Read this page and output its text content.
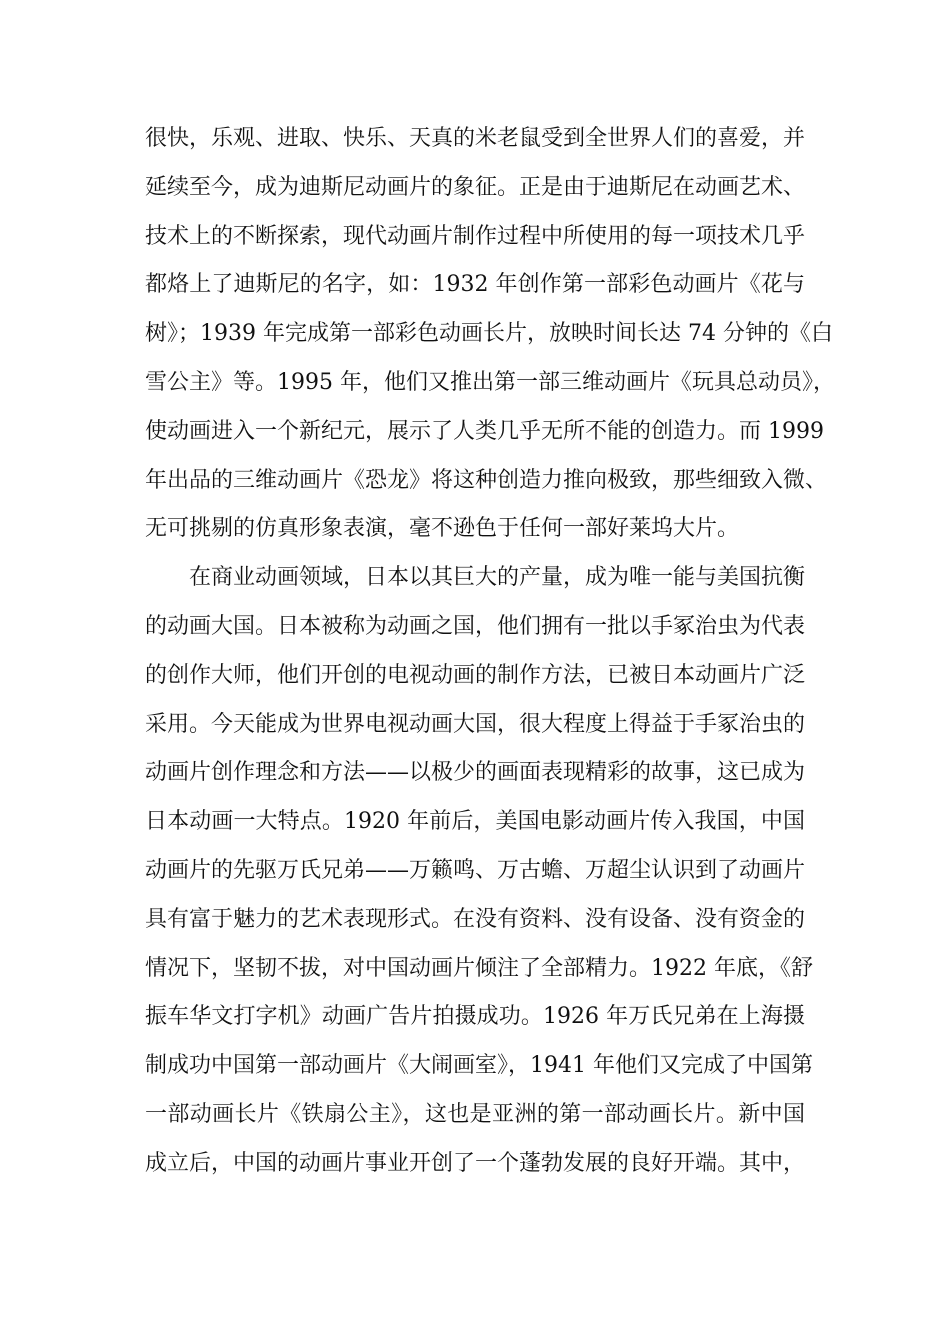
很快，乐观、进取、快乐、天真的米老鼠受到全世界人们的喜爱，并
延续至今，成为迪斯尼动画片的象征。正是由于迪斯尼在动画艺术、
技术上的不断探索，现代动画片制作过程中所使用的每一项技术几乎
都烙上了迪斯尼的名字，如：1932 年创作第一部彩色动画片《花与
树》；1939 年完成第一部彩色动画长片，放映时间长达 74 分钟的《白
雪公主》等。1995 年，他们又推出第一部三维动画片《玩具总动员》，
使动画进入一个新纪元，展示了人类几乎无所不能的创造力。而 1999
年出品的三维动画片《恐龙》将这种创造力推向极致，那些细致入微、
无可挑剔的仿真形象表演，毫不逊色于任何一部好莱坞大片。
在商业动画领域，日本以其巨大的产量，成为唯一能与美国抗衡
的动画大国。日本被称为动画之国，他们拥有一批以手冢治虫为代表
的创作大师，他们开创的电视动画的制作方法，已被日本动画片广泛
采用。今天能成为世界电视动画大国，很大程度上得益于手冢治虫的
动画片创作理念和方法——以极少的画面表现精彩的故事，这已成为
日本动画一大特点。1920 年前后，美国电影动画片传入我国，中国
动画片的先驱万氏兄弟——万籁鸣、万古蟾、万超尘认识到了动画片
具有富于魅力的艺术表现形式。在没有资料、没有设备、没有资金的
情况下，坚韧不拔，对中国动画片倾注了全部精力。1922 年底，《舒
振车华文打字机》动画广告片拍摄成功。1926 年万氏兄弟在上海摄
制成功中国第一部动画片《大闹画室》，1941 年他们又完成了中国第
一部动画长片《铁扇公主》，这也是亚洲的第一部动画长片。新中国
成立后，中国的动画片事业开创了一个蓬勃发展的良好开端。其中，
